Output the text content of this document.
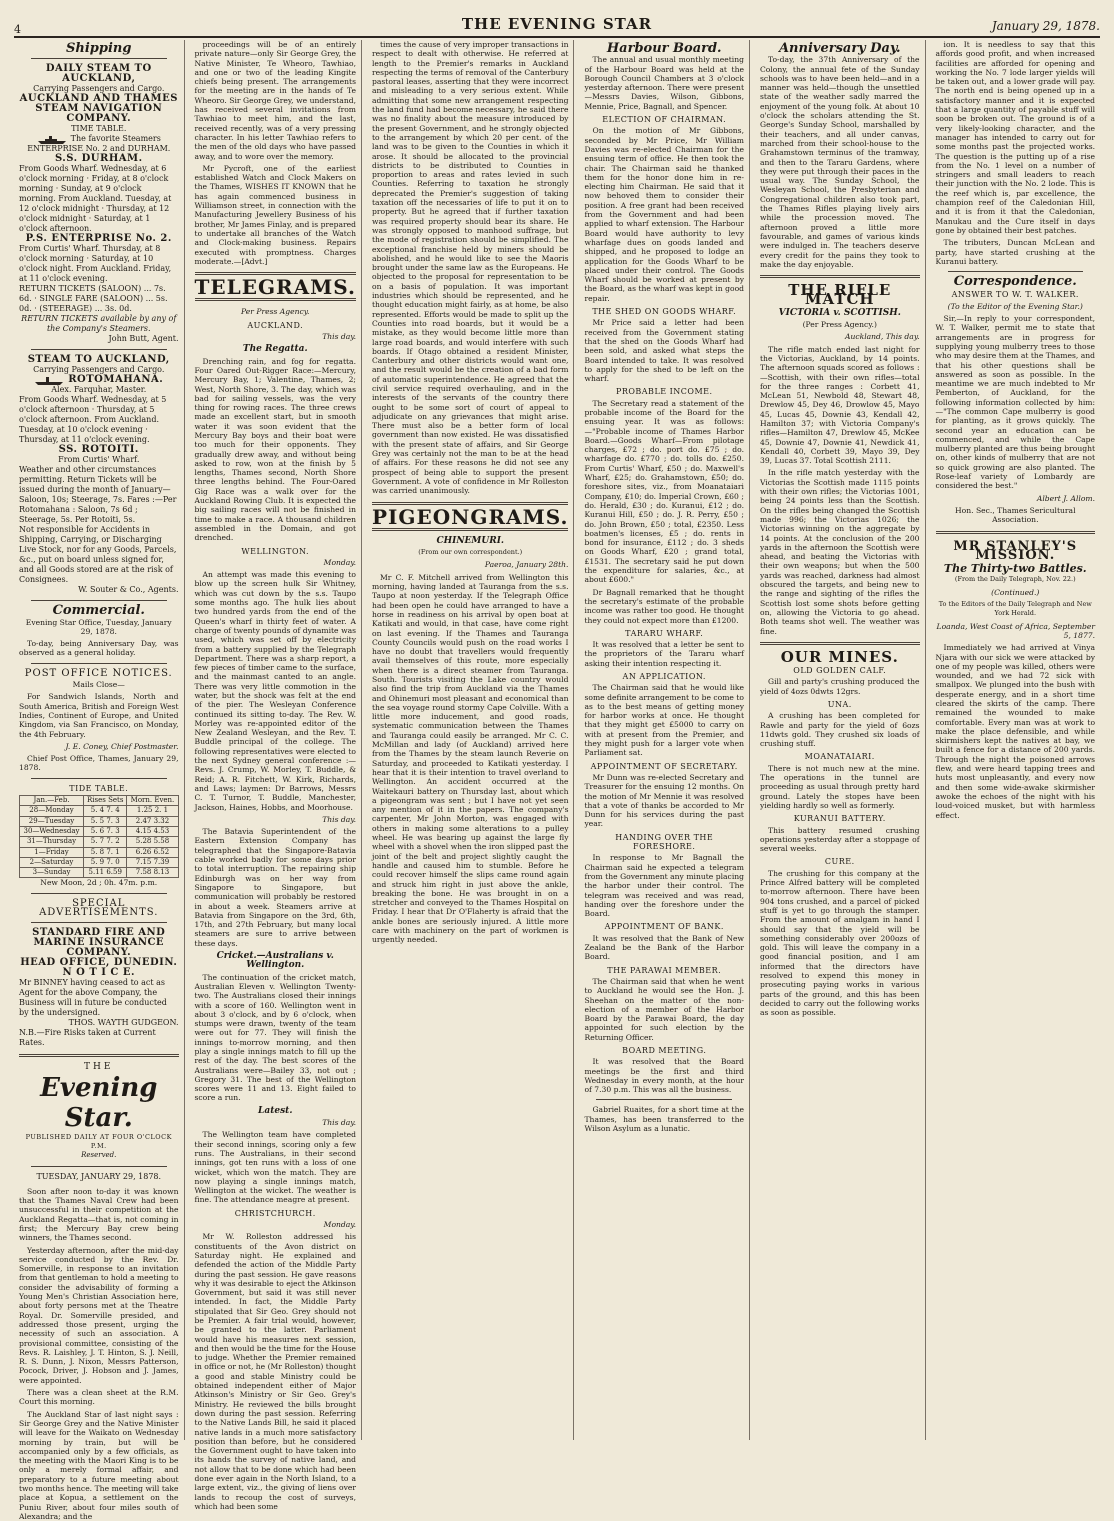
4	THE EVENING STAR	January 29, 1878.
Shipping
DAILY STEAM TO AUCKLAND,
Carrying Passengers and Cargo.
AUCKLAND AND THAMES STEAM NAVIGATION COMPANY.
TIME TABLE.
The favorite Steamers ENTERPRISE No. 2 and DURHAM.
S.S. DURHAM.
From Goods Wharf. Wednesday, at 6 o'clock morning · Friday, at 8 o'clock morning · Sunday, at 9 o'clock morning. From Auckland. Tuesday, at 12 o'clock midnight · Thursday, at 12 o'clock midnight · Saturday, at 1 o'clock afternoon.
P.S. ENTERPRISE No. 2.
From Curtis' Wharf. Thursday, at 8 o'clock morning · Saturday, at 10 o'clock night. From Auckland. Friday, at 11 o'clock evening.
RETURN TICKETS (SALOON) ... 7s. 6d. · SINGLE FARE (SALOON) ... 5s. 0d. · (STEERAGE) ... 3s. 0d.
RETURN TICKETS available by any of the Company's Steamers.
John Butt, Agent.
STEAM TO AUCKLAND,
Carrying Passengers and Cargo.
ROTOMAHANA.
Alex. Farquhar, Master.
From Goods Wharf. Wednesday, at 5 o'clock afternoon · Thursday, at 5 o'clock afternoon. From Auckland. Tuesday, at 10 o'clock evening · Thursday, at 11 o'clock evening.
SS. ROTOITI.
From Curtis' Wharf.
Weather and other circumstances permitting. Return Tickets will be issued during the month of January—Saloon, 10s; Steerage, 7s. Fares :—Per Rotomahana : Saloon, 7s 6d ; Steerage, 5s. Per Rotoiti, 5s.
Not responsible for Accidents in Shipping, Carrying, or Discharging Live Stock, nor for any Goods, Parcels, &c., put on board unless signed for, and all Goods stored are at the risk of Consignees.
W. Souter & Co., Agents.
Commercial.

Evening Star Office, Tuesday, January 29, 1878.

To-day, being Anniversary Day, was observed as a general holiday.

POST OFFICE NOTICES.

Mails Close—

For Sandwich Islands, North and South America, British and Foreign West Indies, Continent of Europe, and United Kingdom, via San Francisco, on Monday, the 4th February.

J. E. Coney, Chief Postmaster.

Chief Post Office, Thames, January 29, 1878.

TIDE TABLE.
Jan.—Feb.	Rises Sets	Morn. Even.
28—Monday	5. 4 7. 4	1.25 2. 1
29—Tuesday	5. 5 7. 3	2.47 3.32
30—Wednesday	5. 6 7. 3	4.15 4.53
31—Thursday	5. 7 7. 2	5.28 5.58
1—Friday	5. 8 7. 1	6.26 6.52
2—Saturday	5. 9 7. 0	7.15 7.39
3—Sunday	5.11 6.59	7.58 8.13

New Moon, 2d ; 0h. 47m. p.m.

SPECIAL ADVERTISEMENTS.
STANDARD FIRE AND MARINE INSURANCE COMPANY.
HEAD OFFICE, DUNEDIN.
N O T I C E.
Mr BINNEY having ceased to act as Agent for the above Company, the Business will in future be conducted by the undersigned.
THOS. WAYTH GUDGEON.
N.B.—Fire Risks taken at Current Rates.
THE
Evening Star.
PUBLISHED DAILY AT FOUR O'CLOCK P.M.
Reserved.
TUESDAY, JANUARY 29, 1878.

Soon after noon to-day it was known that the Thames Naval Crew had been unsuccessful in their competition at the Auckland Regatta—that is, not coming in first; the Mercury Bay crew being winners, the Thames second.

Yesterday afternoon, after the mid-day service conducted by the Rev. Dr. Somerville, in response to an invitation from that gentleman to hold a meeting to consider the advisability of forming a Young Men's Christian Association here, about forty persons met at the Theatre Royal. Dr. Somerville presided, and addressed those present, urging the necessity of such an association. A provisional committee, consisting of the Revs. R. Laishley, J. T. Hinton, S. J. Neill, R. S. Dunn, J. Nixon, Messrs Patterson, Pocock, Driver, J. Hobson and J. James, were appointed.

There was a clean sheet at the R.M. Court this morning.

The Auckland Star of last night says : Sir George Grey and the Native Minister will leave for the Waikato on Wednesday morning by train, but will be accompanied only by a few officials, as the meeting with the Maori King is to be only a merely formal affair, and preparatory to a future meeting about two months hence. The meeting will take place at Kopua, a settlement on the Puniu River, about four miles south of Alexandra; and the

proceedings will be of an entirely private nature—only Sir George Grey, the Native Minister, Te Wheoro, Tawhiao, and one or two of the leading Kingite chiefs being present. The arrangements for the meeting are in the hands of Te Wheoro. Sir George Grey, we understand, has received several invitations from Tawhiao to meet him, and the last, received recently, was of a very pressing character. In his letter Tawhiao refers to the men of the old days who have passed away, and to wore over the memory.

Mr Pycroft, one of the earliest established Watch and Clock Makers on the Thames, WISHES IT KNOWN that he has again commenced business in Williamson street, in connection with the Manufacturing Jewellery Business of his brother, Mr James Finlay, and is prepared to undertake all branches of the Watch and Clock-making business. Repairs executed with promptness. Charges moderate.—[Advt.]

TELEGRAMS.

Per Press Agency.

AUCKLAND.

This day.

The Regatta.

Drenching rain, and fog for regatta. Four Oared Out-Rigger Race:—Mercury, Mercury Bay, 1; Valentine, Thames, 2; West, North Shore, 3. The day, which was bad for sailing vessels, was the very thing for rowing races. The three crews made an excellent start, but in smooth water it was soon evident that the Mercury Bay boys and their boat were too much for their opponents. They gradually drew away, and without being asked to row, won at the finish by 5 lengths, Thames second, North Shore three lengths behind. The Four-Oared Gig Race was a walk over for the Auckland Rowing Club. It is expected the big sailing races will not be finished in time to make a race. A thousand children assembled in the Domain, and got drenched.

WELLINGTON.

Monday.

An attempt was made this evening to blow up the screen hulk Sir Whitney, which was cut down by the s.s. Taupo some months ago. The hulk lies about two hundred yards from the end of the Queen's wharf in thirty feet of water. A charge of twenty pounds of dynamite was used, which was set off by electricity from a battery supplied by the Telegraph Department. There was a sharp report, a few pieces of timber came to the surface, and the mainmast canted to an angle. There was very little commotion in the water, but the shock was felt at the end of the pier. The Wesleyan Conference continued its sitting to-day. The Rev. W. Morley was re-appointed editor of the New Zealand Wesleyan, and the Rev. T. Buddle principal of the college. The following representatives were elected to the next Sydney general conference :— Revs. J. Crump, W. Morley, T. Buddle, & Reid; A. R. Fitchett, W. Kirk, Richards, and Laws; laymen: Dr Barrows, Messrs C. T. Turnor, T. Buddle, Manchester, Jackson, Haines, Hobbs, and Moorhouse.

This day.

The Batavia Superintendent of the Eastern Extension Company has telegraphed that the Singapore-Batavia cable worked badly for some days prior to total interruption. The repairing ship Edinburgh was on her way from Singapore to Singapore, but communication will probably be restored in about a week. Steamers arrive at Batavia from Singapore on the 3rd, 6th, 17th, and 27th February, but many local steamers are sure to arrive between these days.

Cricket.—Australians v. Wellington.

The continuation of the cricket match, Australian Eleven v. Wellington Twenty-two. The Australians closed their innings with a score of 160. Wellington went in about 3 o'clock, and by 6 o'clock, when stumps were drawn, twenty of the team were out for 77. They will finish the innings to-morrow morning, and then play a single innings match to fill up the rest of the day. The best scores of the Australians were—Bailey 33, not out ; Gregory 31. The best of the Wellington scores were 11 and 13. Eight failed to score a run.

Latest.

This day.

The Wellington team have completed their second innings, scoring only a few runs. The Australians, in their second innings, got ten runs with a loss of one wicket, which won the match. They are now playing a single innings match, Wellington at the wicket. The weather is fine. The attendance meagre at present.

CHRISTCHURCH.

Monday.

Mr W. Rolleston addressed his constituents of the Avon district on Saturday night. He explained and defended the action of the Middle Party during the past session. He gave reasons why it was desirable to eject the Atkinson Government, but said it was still never intended. In fact, the Middle Party stipulated that Sir Geo. Grey should not be Premier. A fair trial would, however, be granted to the latter. Parliament would have his measures next session, and then would be the time for the House to judge. Whether the Premier remained in office or not, he (Mr Rolleston) thought a good and stable Ministry could be obtained independent either of Major Atkinson's Ministry or Sir Geo. Grey's Ministry. He reviewed the bills brought down during the past session. Referring to the Native Lands Bill, he said it placed native lands in a much more satisfactory position than before, but he considered the Government ought to have taken into its hands the survey of native land, and not allow that to be done which had been done ever again in the North Island, to a large extent, viz., the giving of liens over lands to recoup the cost of surveys, which had been some

times the cause of very improper transactions in respect to dealt with otherwise. He referred at length to the Premier's remarks in Auckland respecting the terms of removal of the Canterbury pastoral leases, asserting that they were incorrect and misleading to a very serious extent. While admitting that some new arrangement respecting the land fund had become necessary, he said there was no finality about the measure introduced by the present Government, and he strongly objected to the arrangement by which 20 per cent. of the land was to be given to the Counties in which it arose. It should be allocated to the provincial districts to be distributed to Counties in proportion to areas and rates levied in such Counties. Referring to taxation he strongly deprecated the Premier's suggestion of taking taxation off the necessaries of life to put it on to property. But he agreed that if further taxation was required property should bear its share. He was strongly opposed to manhood suffrage, but the mode of registration should be simplified. The exceptional franchise held by miners should be abolished, and he would like to see the Maoris brought under the same law as the Europeans. He objected to the proposal for representation to be on a basis of population. It was important industries which should be represented, and he thought education might fairly, as at home, be also represented. Efforts would be made to split up the Counties into road boards, but it would be a mistake, as they would become little more than large road boards, and would interfere with such boards. If Otago obtained a resident Minister, Canterbury and other districts would want one, and the result would be the creation of a bad form of automatic superintendence. He agreed that the civil service required overhauling, and in the interests of the servants of the country there ought to be some sort of court of appeal to adjudicate on any grievances that might arise. There must also be a better form of local government than now existed. He was dissatisfied with the present state of affairs, and Sir George Grey was certainly not the man to be at the head of affairs. For these reasons he did not see any prospect of being able to support the present Government. A vote of confidence in Mr Rolleston was carried unanimously.

PIGEONGRAMS.
CHINEMURI.

(From our own correspondent.)

Paeroa, January 28th.

Mr C. F. Mitchell arrived from Wellington this morning, having landed at Tauranga from the s.s. Taupo at noon yesterday. If the Telegraph Office had been open he could have arranged to have a horse in readiness on his arrival by open boat at Katikati and would, in that case, have come right on last evening. If the Thames and Tauranga County Councils would push on the road works I have no doubt that travellers would frequently avail themselves of this route, more especially when there is a direct steamer from Tauranga. South. Tourists visiting the Lake country would also find the trip from Auckland via the Thames and Ohinemuri most pleasant and economical than the sea voyage round stormy Cape Colville. With a little more inducement, and good roads, systematic communication between the Thames and Tauranga could easily be arranged. Mr C. C. McMillan and lady (of Auckland) arrived here from the Thames by the steam launch Reverie on Saturday, and proceeded to Katikati yesterday. I hear that it is their intention to travel overland to Wellington. An accident occurred at the Waitekauri battery on Thursday last, about which a pigeongram was sent ; but I have not yet seen any mention of it in the papers. The company's carpenter, Mr John Morton, was engaged with others in making some alterations to a pulley wheel. He was bearing up against the large fly wheel with a shovel when the iron slipped past the joint of the belt and project slightly caught the handle and caused him to stumble. Before he could recover himself the slips came round again and struck him right in just above the ankle, breaking the bone. He was brought in on a stretcher and conveyed to the Thames Hospital on Friday. I hear that Dr O'Flaherty is afraid that the ankle bones are seriously injured. A little more care with machinery on the part of workmen is urgently needed.

Harbour Board.

The annual and usual monthly meeting of the Harbour Board was held at the Borough Council Chambers at 3 o'clock yesterday afternoon. There were present—Messrs Davies, Wilson, Gibbons, Mennie, Price, Bagnall, and Spencer.

ELECTION OF CHAIRMAN.

On the motion of Mr Gibbons, seconded by Mr Price, Mr William Davies was re-elected Chairman for the ensuing term of office. He then took the chair. The Chairman said he thanked them for the honor done him in re-electing him Chairman. He said that it now behoved them to consider their position. A free grant had been received from the Government and had been applied to wharf extension. The Harbour Board would have authority to levy wharfage dues on goods landed and shipped, and he proposed to lodge an application for the Goods Wharf to be placed under their control. The Goods Wharf should be worked at present by the Board, as the wharf was kept in good repair.

THE SHED ON GOODS WHARF.

Mr Price said a letter had been received from the Government stating that the shed on the Goods Wharf had been sold, and asked what steps the Board intended to take. It was resolved to apply for the shed to be left on the wharf.

PROBABLE INCOME.

The Secretary read a statement of the probable income of the Board for the ensuing year. It was as follows:—"Probable income of Thames Harbor Board.—Goods Wharf—From pilotage charges, £72 ; do. port do. £75 ; do. wharfage do. £770 ; do. tolls do. £250. From Curtis' Wharf, £50 ; do. Maxwell's Wharf, £25; do. Grahamstown, £50; do. foreshore sites, viz., from Moanataiari Company, £10; do. Imperial Crown, £60 ; do. Herald, £30 ; do. Kuranui, £12 ; do. Kuranui Hill, £50 ; do. J. R. Perry, £50 ; do. John Brown, £50 ; total, £2350. Less boatmen's licenses, £5 ; do. rents in bond for insurance, £112 ; do. 3 sheds on Goods Wharf, £20 ; grand total, £1531. The secretary said he put down the expenditure for salaries, &c., at about £600."

Dr Bagnall remarked that he thought the secretary's estimate of the probable income was rather too good. He thought they could not expect more than £1200.

TARARU WHARF.

It was resolved that a letter be sent to the proprietors of the Tararu wharf asking their intention respecting it.

AN APPLICATION.

The Chairman said that he would like some definite arrangement to be come to as to the best means of getting money for harbor works at once. He thought that they might get £5000 to carry on with at present from the Premier, and they might push for a larger vote when Parliament sat.

APPOINTMENT OF SECRETARY.

Mr Dunn was re-elected Secretary and Treasurer for the ensuing 12 months. On the motion of Mr Mennie it was resolved that a vote of thanks be accorded to Mr Dunn for his services during the past year.

HANDING OVER THE FORESHORE.

In response to Mr Bagnall the Chairman said he expected a telegram from the Government any minute placing the harbor under their control. The telegram was received and was read, handing over the foreshore under the Board.

APPOINTMENT OF BANK.

It was resolved that the Bank of New Zealand be the Bank of the Harbor Board.

THE PARAWAI MEMBER.

The Chairman said that when he went to Auckland he would see the Hon. J. Sheehan on the matter of the non-election of a member of the Harbor Board by the Parawai Board, the day appointed for such election by the Returning Officer.

BOARD MEETING.

It was resolved that the Board meetings be the first and third Wednesday in every month, at the hour of 7.30 p.m. This was all the business.

Gabriel Ruaites, for a short time at the Thames, has been transferred to the Wilson Asylum as a lunatic.

Anniversary Day.

To-day, the 37th Anniversary of the Colony, the annual fete of the Sunday schools was to have been held—and in a manner was held—though the unsettled state of the weather sadly marred the enjoyment of the young folk. At about 10 o'clock the scholars attending the St. George's Sunday School, marshalled by their teachers, and all under canvas, marched from their school-house to the Grahamstown terminus of the tramway, and then to the Tararu Gardens, where they were put through their paces in the usual way. The Sunday School, the Wesleyan School, the Presbyterian and Congregational children also took part, the Thames Rifles playing lively airs while the procession moved. The afternoon proved a little more favourable, and games of various kinds were indulged in. The teachers deserve every credit for the pains they took to make the day enjoyable.

THE RIFLE MATCH
VICTORIA v. SCOTTISH.

(Per Press Agency.)

Auckland, This day.

The rifle match ended last night for the Victorias, Auckland, by 14 points. The afternoon squads scored as follows :—Scottish, with their own rifles—total for the three ranges : Corbett 41, McLean 51, Newbold 48, Stewart 48, Drewlow 45, Dey 46, Drowlow 45, Mayo 45, Lucas 45, Downie 43, Kendall 42, Hamilton 37; with Victoria Company's rifles—Hamilton 47, Drewlow 45, McKee 45, Downie 47, Downie 41, Newdick 41, Kendall 40, Corbett 39, Mayo 39, Dey 39, Lucas 37. Total Scottish 2111.

In the rifle match yesterday with the Victorias the Scottish made 1115 points with their own rifles; the Victorias 1001, being 24 points less than the Scottish. On the rifles being changed the Scottish made 996; the Victorias 1026; the Victorias winning on the aggregate by 14 points. At the conclusion of the 200 yards in the afternoon the Scottish were ahead, and beating the Victorias with their own weapons; but when the 500 yards was reached, darkness had almost obscured the targets, and being new to the range and sighting of the rifles the Scottish lost some shots before getting on, allowing the Victoria to go ahead. Both teams shot well. The weather was fine.

OUR MINES.
OLD GOLDEN CALF.

Gill and party's crushing produced the yield of 4ozs 0dwts 12grs.

UNA.

A crushing has been completed for Rawle and party for the yield of 6ozs 11dwts gold. They crushed six loads of crushing stuff.

MOANATAIARI.

There is not much new at the mine. The operations in the tunnel are proceeding as usual through pretty hard ground. Lately the stopes have been yielding hardly so well as formerly.

KURANUI BATTERY.

This battery resumed crushing operations yesterday after a stoppage of several weeks.

CURE.

The crushing for this company at the Prince Alfred battery will be completed to-morrow afternoon. There have been 904 tons crushed, and a parcel of picked stuff is yet to go through the stamper. From the amount of amalgam in hand I should say that the yield will be something considerably over 200ozs of gold. This will leave the company in a good financial position, and I am informed that the directors have resolved to expend this money in prosecuting paying works in various parts of the ground, and this has been decided to carry out the following works as soon as possible.

ion. It is needless to say that this affords good profit, and when increased facilities are afforded for opening and working the No. 7 lode larger yields will be taken out, and a lower grade will pay. The north end is being opened up in a satisfactory manner and it is expected that a large quantity of payable stuff will soon be broken out. The ground is of a very likely-looking character, and the manager has intended to carry out for some months past the projected works. The question is the putting up of a rise from the No. 1 level on a number of stringers and small leaders to reach their junction with the No. 2 lode. This is the reef which is, par excellence, the champion reef of the Caledonian Hill, and it is from it that the Caledonian, Manukau and the Cure itself in days gone by obtained their best patches.

The tributers, Duncan McLean and party, have started crushing at the Kuranui battery.

Correspondence.
ANSWER TO W. T. WALKER.

(To the Editor of the Evening Star.)

Sir,—In reply to your correspondent, W. T. Walker, permit me to state that arrangements are in progress for supplying young mulberry trees to those who may desire them at the Thames, and that his other questions shall be answered as soon as possible. In the meantime we are much indebted to Mr Pemberton, of Auckland, for the following information collected by him:—"The common Cape mulberry is good for planting, as it grows quickly. The second year an education can be commenced, and while the Cape mulberry planted are thus being brought on, other kinds of mulberry that are not so quick growing are also planted. The Rose-leaf variety of Lombardy are considered the best."

Albert J. Allom.

Hon. Sec., Thames Sericultural Association.

MR STANLEY'S MISSION.
The Thirty-two Battles.

(From the Daily Telegraph, Nov. 22.)

(Continued.)

To the Editors of the Daily Telegraph and New York Herald.

Loanda, West Coast of Africa, September 5, 1877.

Immediately we had arrived at Vinya Njara with our sick we were attacked by one of my people was killed, others were wounded, and we had 72 sick with smallpox. We plunged into the bush with desperate energy, and in a short time cleared the skirts of the camp. There remained the wounded to make comfortable. Every man was at work to make the place defensible, and while skirmishers kept the natives at bay, we built a fence for a distance of 200 yards. Through the night the poisoned arrows flew, and were heard tapping trees and huts most unpleasantly, and every now and then some wide-awake skirmisher awoke the echoes of the night with his loud-voiced musket, but with harmless effect.
